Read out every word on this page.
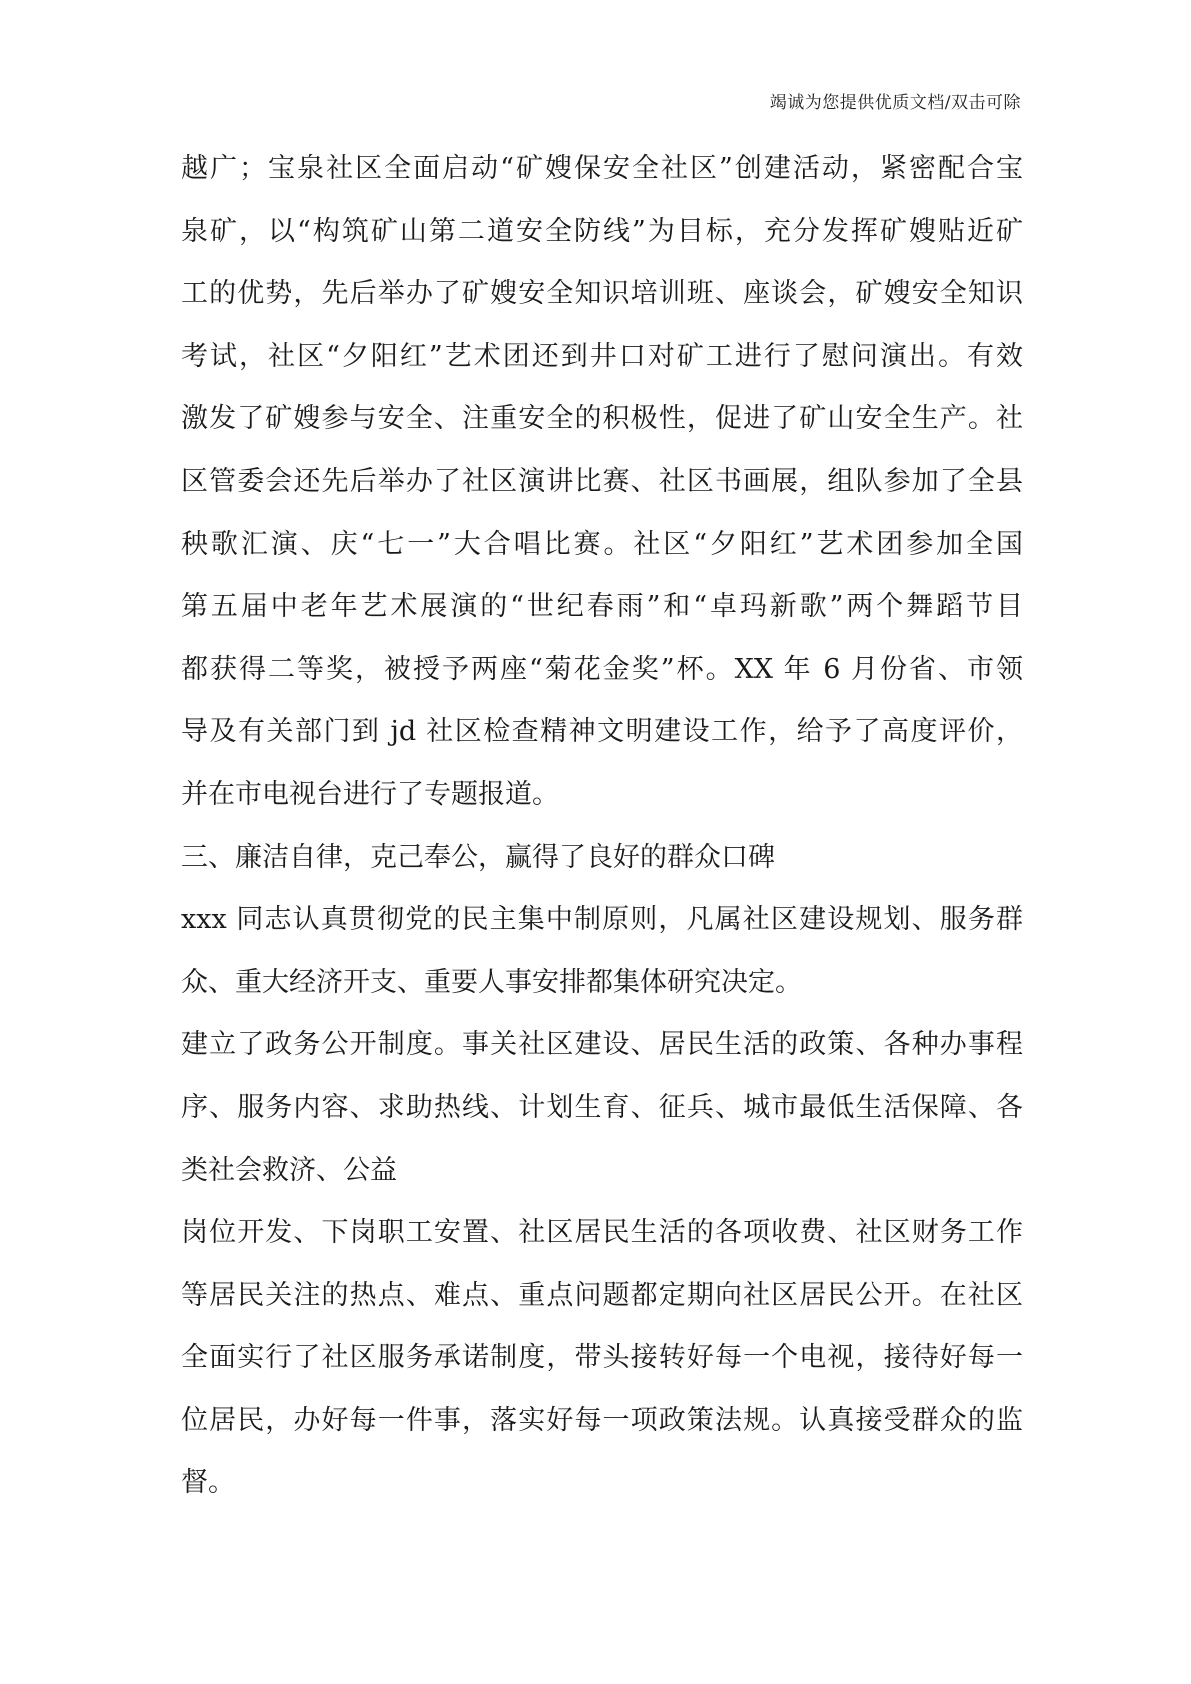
竭诚为您提供优质文档/双击可除
越广；宝泉社区全面启动“矿嫂保安全社区”创建活动，紧密配合宝
泉矿，以“构筑矿山第二道安全防线”为目标，充分发挥矿嫂贴近矿
工的优势，先后举办了矿嫂安全知识培训班、座谈会，矿嫂安全知识
考试，社区“夕阳红”艺术团还到井口对矿工进行了慰问演出。有效
激发了矿嫂参与安全、注重安全的积极性，促进了矿山安全生产。社
区管委会还先后举办了社区演讲比赛、社区书画展，组队参加了全县
秧歌汇演、庆“七一”大合唱比赛。社区“夕阳红”艺术团参加全国
第五届中老年艺术展演的“世纪春雨”和“卓玛新歌”两个舞蹈节目
都获得二等奖，被授予两座“菊花金奖”杯。XX 年 6 月份省、市领
导及有关部门到 jd 社区检查精神文明建设工作，给予了高度评价，
并在市电视台进行了专题报道。
三、廉洁自律，克己奉公，赢得了良好的群众口碑
xxx 同志认真贯彻党的民主集中制原则，凡属社区建设规划、服务群
众、重大经济开支、重要人事安排都集体研究决定。
建立了政务公开制度。事关社区建设、居民生活的政策、各种办事程
序、服务内容、求助热线、计划生育、征兵、城市最低生活保障、各
类社会救济、公益
岗位开发、下岗职工安置、社区居民生活的各项收费、社区财务工作
等居民关注的热点、难点、重点问题都定期向社区居民公开。在社区
全面实行了社区服务承诺制度，带头接转好每一个电视，接待好每一
位居民，办好每一件事，落实好每一项政策法规。认真接受群众的监
督。
